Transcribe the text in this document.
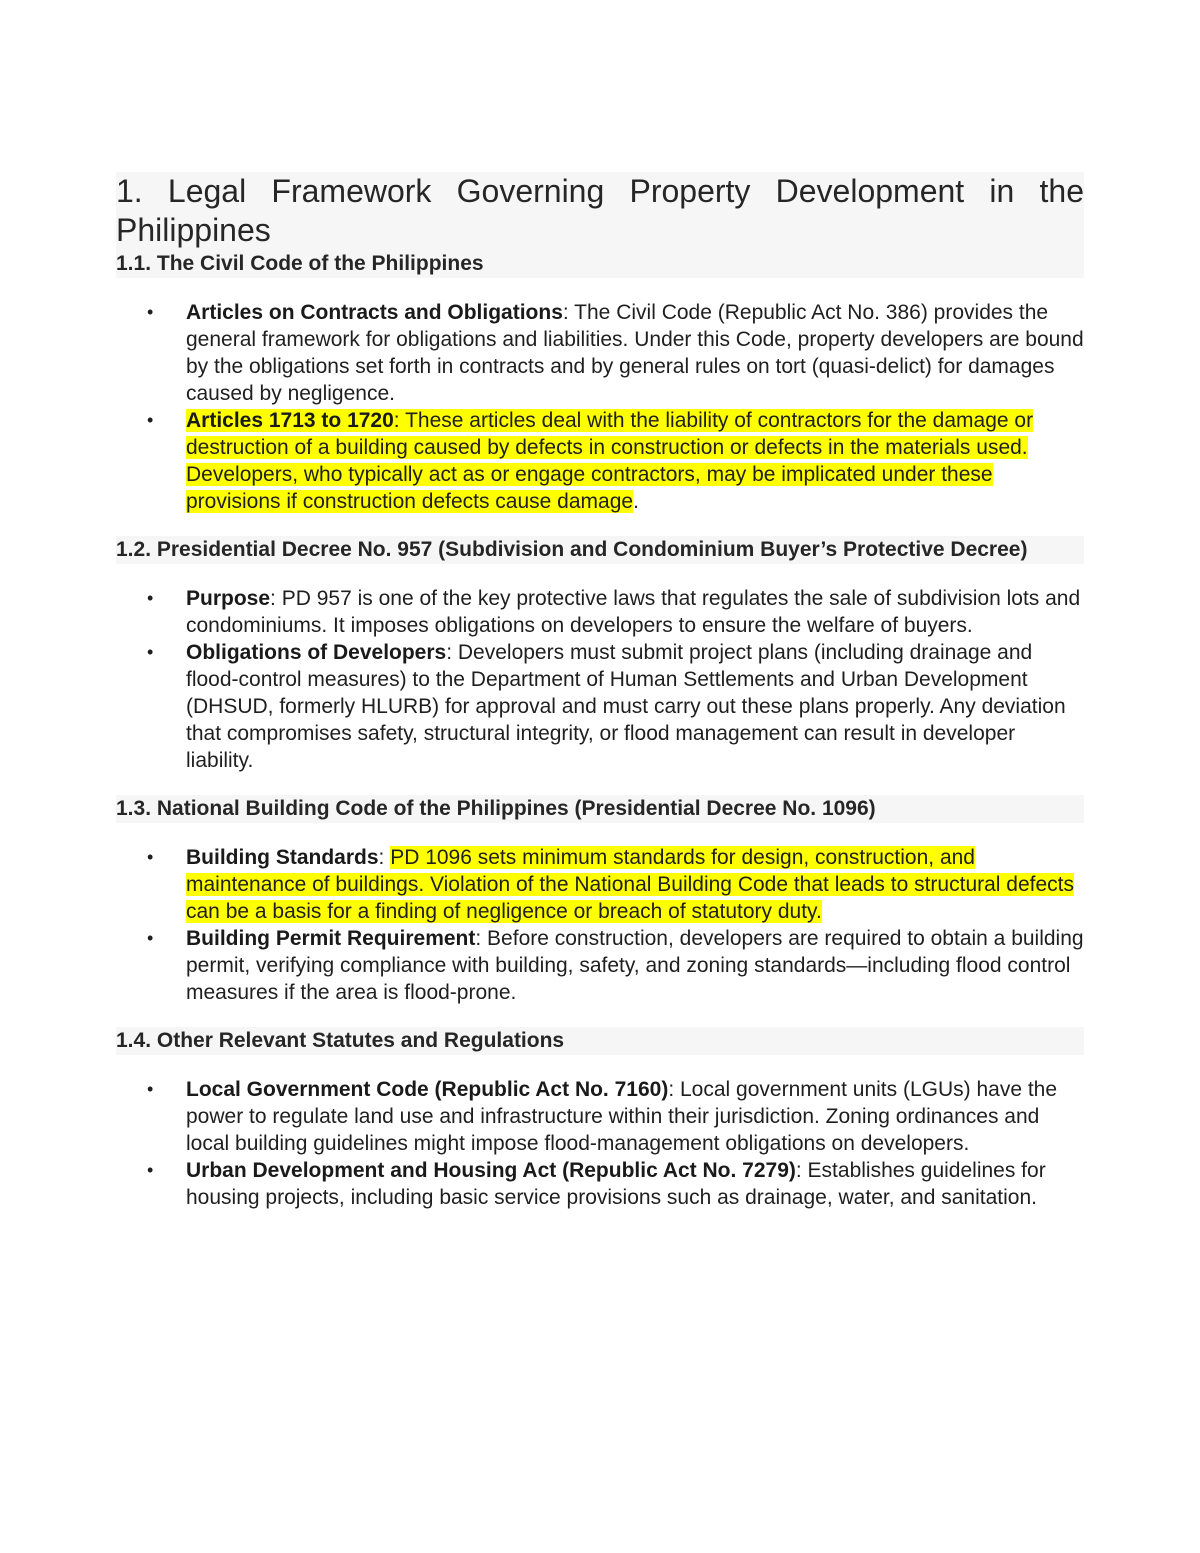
1. Legal Framework Governing Property Development in the Philippines
1.1. The Civil Code of the Philippines
• Articles on Contracts and Obligations: The Civil Code (Republic Act No. 386) provides the general framework for obligations and liabilities. Under this Code, property developers are bound by the obligations set forth in contracts and by general rules on tort (quasi-delict) for damages caused by negligence.
• Articles 1713 to 1720: These articles deal with the liability of contractors for the damage or destruction of a building caused by defects in construction or defects in the materials used. Developers, who typically act as or engage contractors, may be implicated under these provisions if construction defects cause damage.
1.2. Presidential Decree No. 957 (Subdivision and Condominium Buyer’s Protective Decree)
• Purpose: PD 957 is one of the key protective laws that regulates the sale of subdivision lots and condominiums. It imposes obligations on developers to ensure the welfare of buyers.
• Obligations of Developers: Developers must submit project plans (including drainage and flood-control measures) to the Department of Human Settlements and Urban Development (DHSUD, formerly HLURB) for approval and must carry out these plans properly. Any deviation that compromises safety, structural integrity, or flood management can result in developer liability.
1.3. National Building Code of the Philippines (Presidential Decree No. 1096)
• Building Standards: PD 1096 sets minimum standards for design, construction, and maintenance of buildings. Violation of the National Building Code that leads to structural defects can be a basis for a finding of negligence or breach of statutory duty.
• Building Permit Requirement: Before construction, developers are required to obtain a building permit, verifying compliance with building, safety, and zoning standards—including flood control measures if the area is flood-prone.
1.4. Other Relevant Statutes and Regulations
• Local Government Code (Republic Act No. 7160): Local government units (LGUs) have the power to regulate land use and infrastructure within their jurisdiction. Zoning ordinances and local building guidelines might impose flood-management obligations on developers.
• Urban Development and Housing Act (Republic Act No. 7279): Establishes guidelines for housing projects, including basic service provisions such as drainage, water, and sanitation.
